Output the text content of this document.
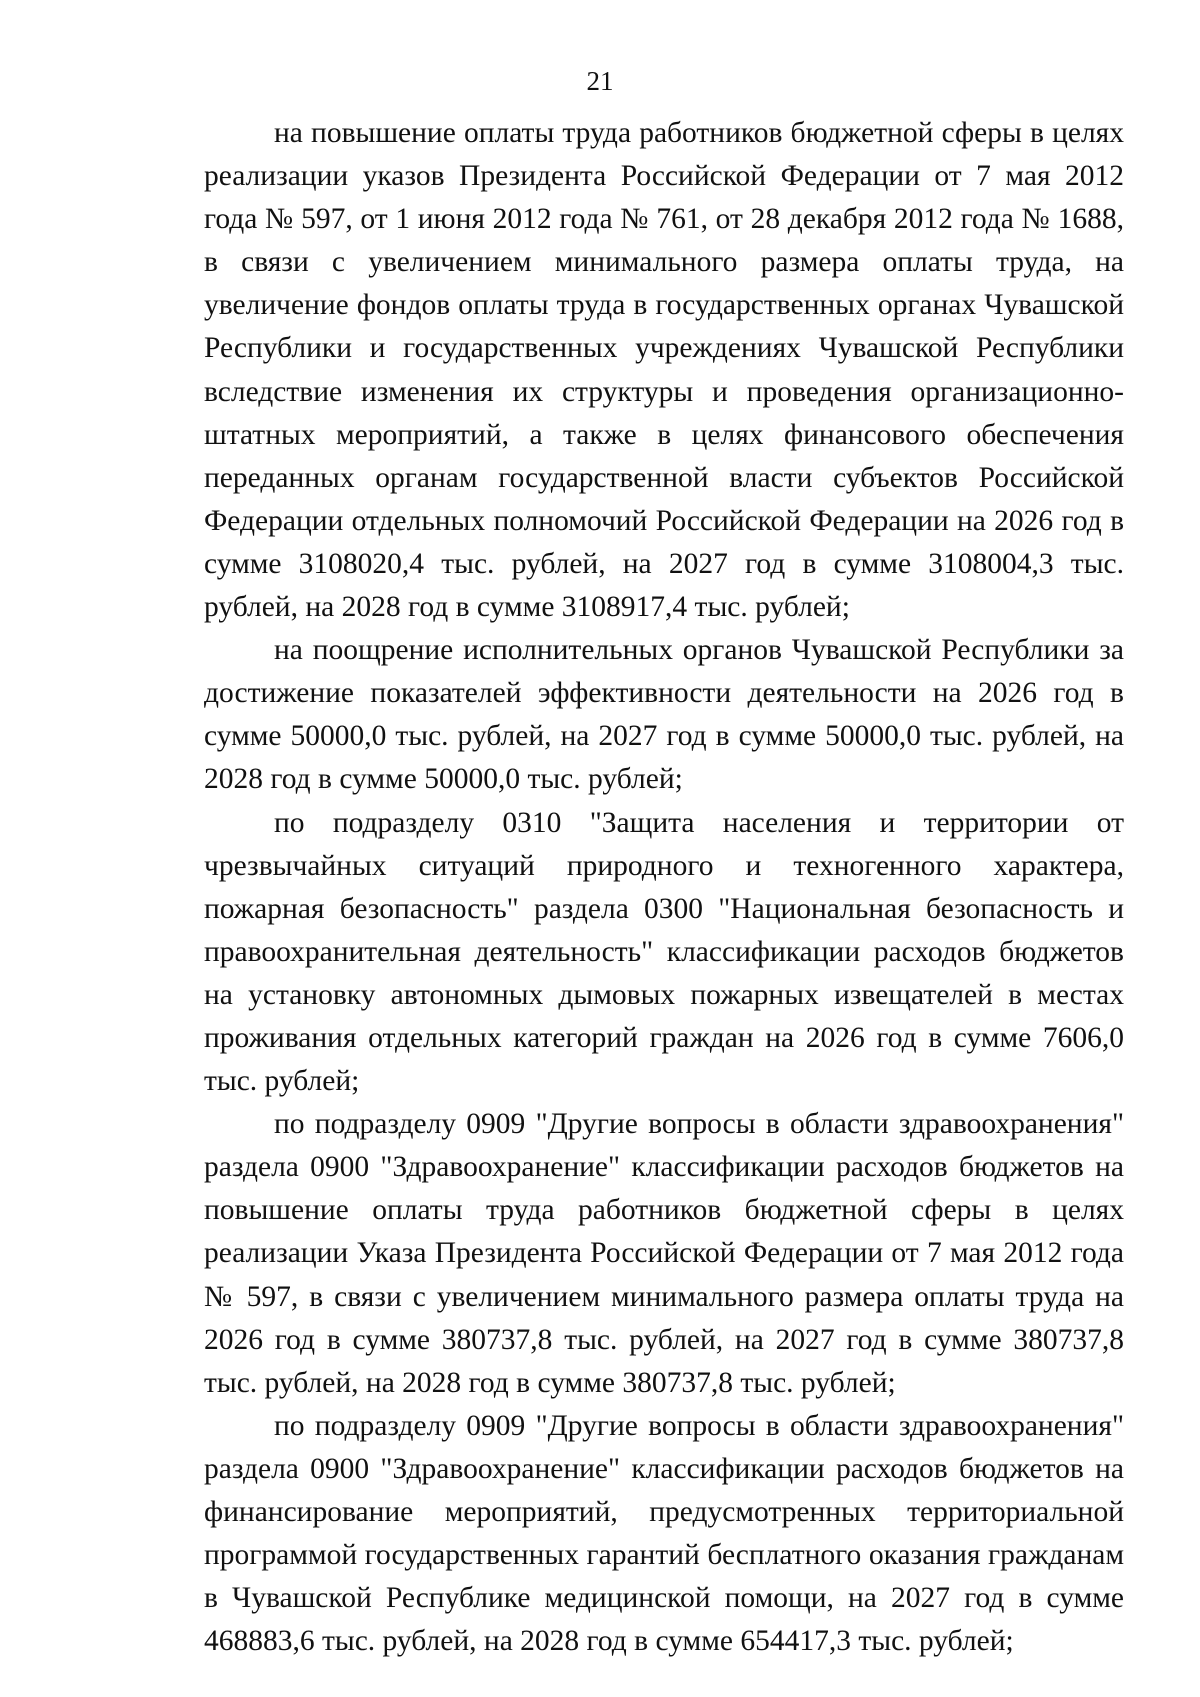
21

на повышение оплаты труда работников бюджетной сферы в целях реализации указов Президента Российской Федерации от 7 мая 2012 года № 597, от 1 июня 2012 года № 761, от 28 декабря 2012 года № 1688, в связи с увеличением минимального размера оплаты труда, на увеличение фондов оплаты труда в государственных органах Чувашской Республики и государственных учреждениях Чувашской Республики вследствие изменения их структуры и проведения организационно-штатных мероприятий, а также в целях финансового обеспечения переданных органам государственной власти субъектов Российской Федерации отдельных полномочий Российской Федерации на 2026 год в сумме 3108020,4 тыс. рублей, на 2027 год в сумме 3108004,3 тыс. рублей, на 2028 год в сумме 3108917,4 тыс. рублей;

на поощрение исполнительных органов Чувашской Республики за достижение показателей эффективности деятельности на 2026 год в сумме 50000,0 тыс. рублей, на 2027 год в сумме 50000,0 тыс. рублей, на 2028 год в сумме 50000,0 тыс. рублей;

по подразделу 0310 "Защита населения и территории от чрезвычайных ситуаций природного и техногенного характера, пожарная безопасность" раздела 0300 "Национальная безопасность и правоохранительная деятельность" классификации расходов бюджетов на установку автономных дымовых пожарных извещателей в местах проживания отдельных категорий граждан на 2026 год в сумме 7606,0 тыс. рублей;

по подразделу 0909 "Другие вопросы в области здравоохранения" раздела 0900 "Здравоохранение" классификации расходов бюджетов на повышение оплаты труда работников бюджетной сферы в целях реализации Указа Президента Российской Федерации от 7 мая 2012 года № 597, в связи с увеличением минимального размера оплаты труда на 2026 год в сумме 380737,8 тыс. рублей, на 2027 год в сумме 380737,8 тыс. рублей, на 2028 год в сумме 380737,8 тыс. рублей;

по подразделу 0909 "Другие вопросы в области здравоохранения" раздела 0900 "Здравоохранение" классификации расходов бюджетов на финансирование мероприятий, предусмотренных территориальной программой государственных гарантий бесплатного оказания гражданам в Чувашской Республике медицинской помощи, на 2027 год в сумме 468883,6 тыс. рублей, на 2028 год в сумме 654417,3 тыс. рублей;
